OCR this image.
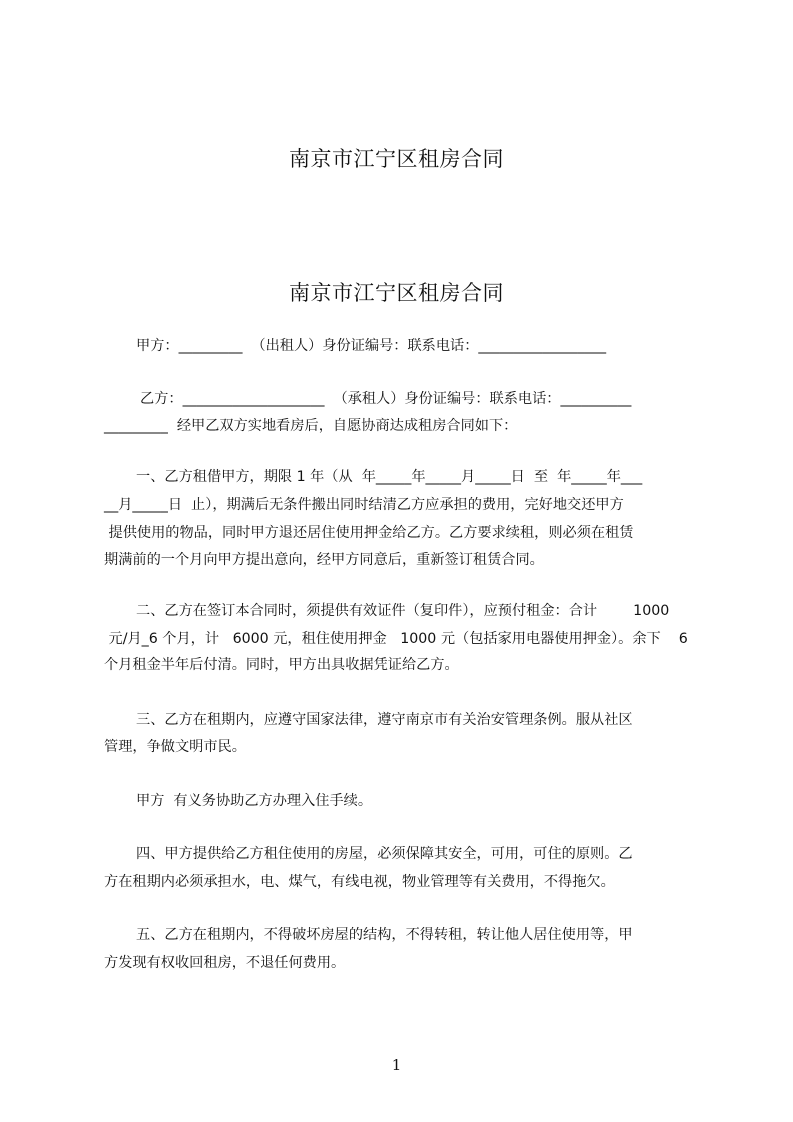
南京市江宁区租房合同
南京市江宁区租房合同
甲方：_________  （出租人）身份证编号：联系电话：__________________
乙方：____________________  （承租人）身份证编号：联系电话：__________
_________  经甲乙双方实地看房后，自愿协商达成租房合同如下：
一、乙方租借甲方，期限 1 年（从  年_____年_____月_____日  至  年_____年___
__月_____日  止），期满后无条件搬出同时结清乙方应承担的费用，完好地交还甲方
提供使用的物品，同时甲方退还居住使用押金给乙方。乙方要求续租，则必须在租赁
期满前的一个月向甲方提出意向，经甲方同意后，重新签订租赁合同。
二、乙方在签订本合同时，须提供有效证件（复印件），应预付租金：合计        1000
元/月_6 个月，计   6000 元，租住使用押金   1000 元（包括家用电器使用押金）。余下    6
个月租金半年后付清。同时，甲方出具收据凭证给乙方。
三、乙方在租期内，应遵守国家法律，遵守南京市有关治安管理条例。服从社区
管理，争做文明市民。
甲方  有义务协助乙方办理入住手续。
四、甲方提供给乙方租住使用的房屋，必须保障其安全，可用，可住的原则。乙
方在租期内必须承担水，电、煤气，有线电视，物业管理等有关费用，不得拖欠。
五、乙方在租期内，不得破坏房屋的结构，不得转租，转让他人居住使用等，甲
方发现有权收回租房，不退任何费用。
1
